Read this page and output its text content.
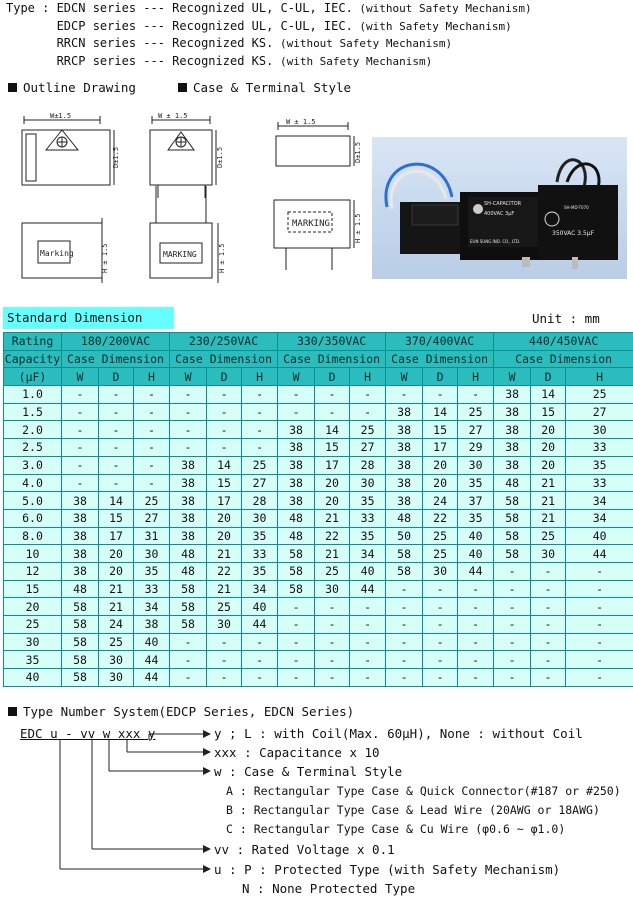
Type : EDCN series --- Recognized UL, C-UL, IEC. (without Safety Mechanism)
EDCP series --- Recognized UL, C-UL, IEC. (with Safety Mechanism)
RRCN series --- Recognized KS. (without Safety Mechanism)
RRCP series --- Recognized KS. (with Safety Mechanism)
Outline Drawing	Case & Terminal Style
W±1.5	W ± 1.5
W ± 1.5
D±1.5	D±1.5	D±1.5
H ± 1.5	H ± 1.5
H ± 1.5
Marking	MARKING
MARKING
SH-CAPACITOR
400VAC 3μF
EUN SUNG IND. CO., LTD.
SH-MD-T070
350VAC 3.5μF
Standard Dimension	Unit : mm
Rating	180/200VAC			230/250VAC			330/350VAC			370/400VAC			440/450VAC		
Capacity	Case Dimension			Case Dimension			Case Dimension			Case Dimension			Case Dimension		
(μF)	W	D	H	W	D	H	W	D	H	W	D	H	W	D	H
1.0	-	-	-	-	-	-	-	-	-	-	-	-	38	14	25
1.5	-	-	-	-	-	-	-	-	-	38	14	25	38	15	27
2.0	-	-	-	-	-	-	38	14	25	38	15	27	38	20	30
2.5	-	-	-	-	-	-	38	15	27	38	17	29	38	20	33
3.0	-	-	-	38	14	25	38	17	28	38	20	30	38	20	35
4.0	-	-	-	38	15	27	38	20	30	38	20	35	48	21	33
5.0	38	14	25	38	17	28	38	20	35	38	24	37	58	21	34
6.0	38	15	27	38	20	30	48	21	33	48	22	35	58	21	34
8.0	38	17	31	38	20	35	48	22	35	50	25	40	58	25	40
10	38	20	30	48	21	33	58	21	34	58	25	40	58	30	44
12	38	20	35	48	22	35	58	25	40	58	30	44	-	-	-
15	48	21	33	58	21	34	58	30	44	-	-	-	-	-	-
20	58	21	34	58	25	40	-	-	-	-	-	-	-	-	-
25	58	24	38	58	30	44	-	-	-	-	-	-	-	-	-
30	58	25	40	-	-	-	-	-	-	-	-	-	-	-	-
35	58	30	44	-	-	-	-	-	-	-	-	-	-	-	-
40	58	30	44	-	-	-	-	-	-	-	-	-	-	-	-
Type Number System(EDCP Series, EDCN Series)
EDC u - vv w xxx y	y ; L : with Coil(Max. 60μH), None : without Coil
xxx : Capacitance x 10
w : Case & Terminal Style
A : Rectangular Type Case & Quick Connector(#187 or #250)
B : Rectangular Type Case & Lead Wire (20AWG or 18AWG)
C : Rectangular Type Case & Cu Wire (φ0.6 ~ φ1.0)
vv : Rated Voltage x 0.1
u : P : Protected Type (with Safety Mechanism)
N : None Protected Type
